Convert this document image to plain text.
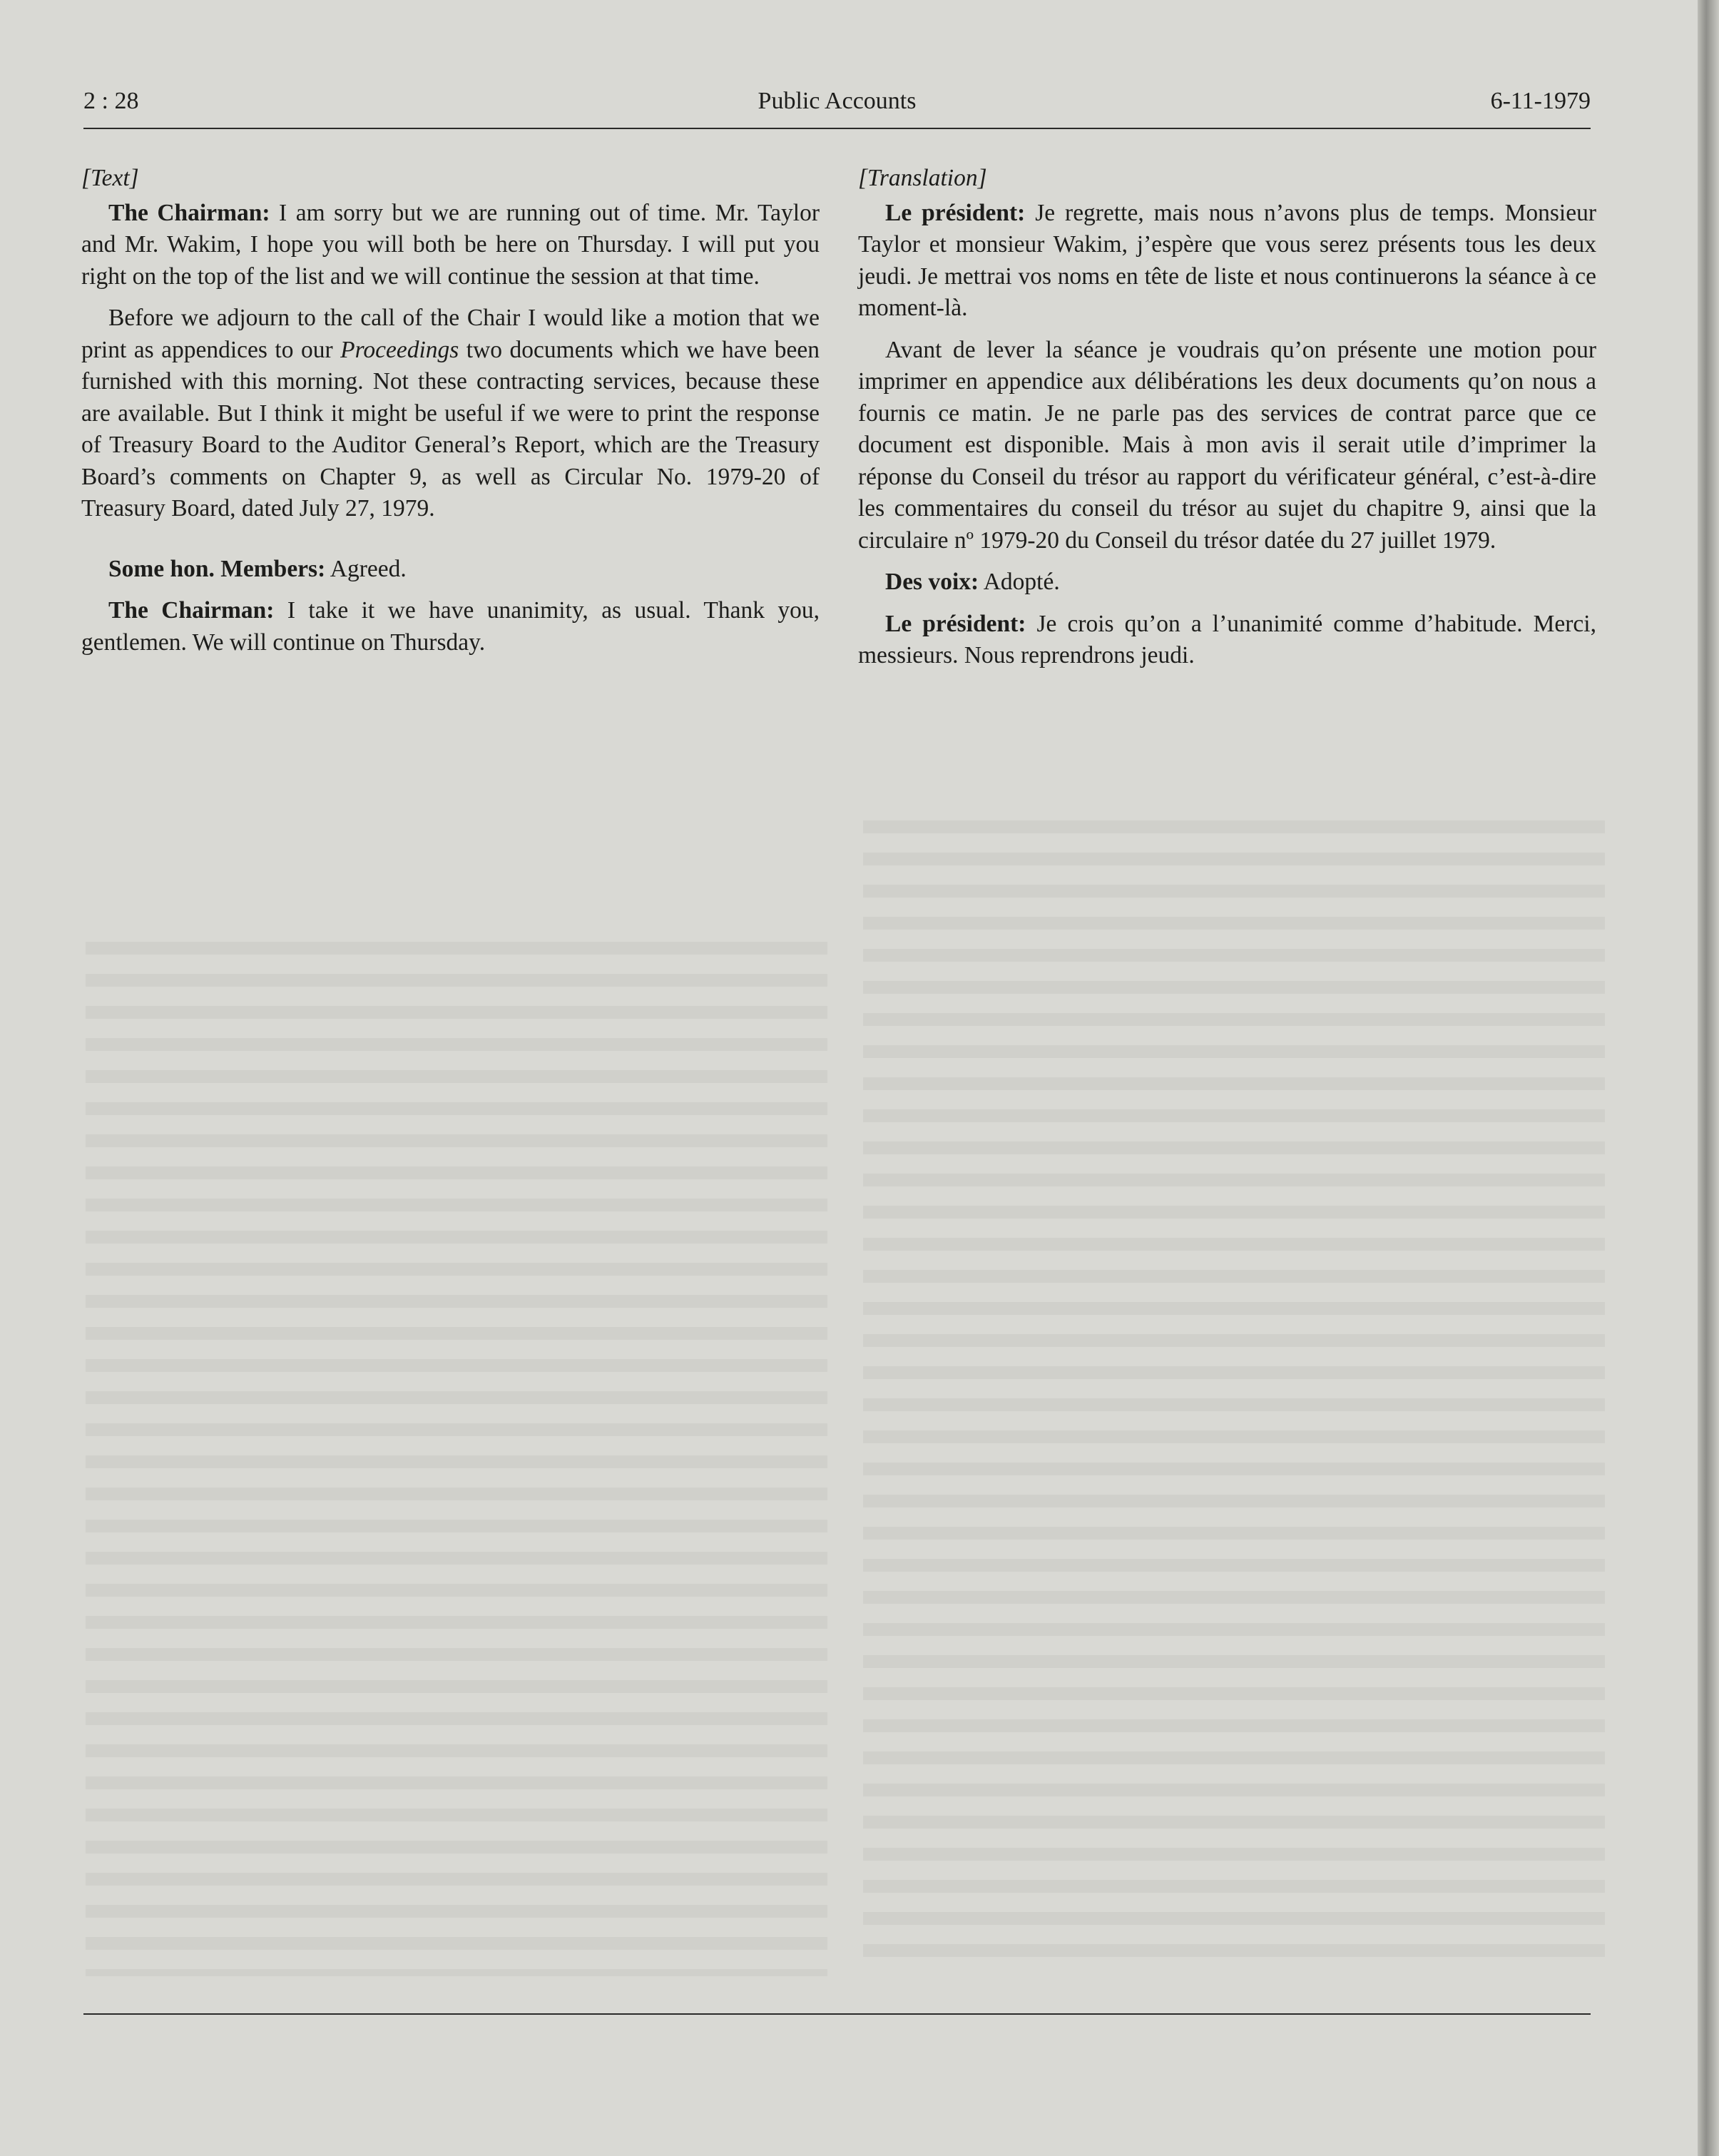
2 : 28	Public Accounts	6-11-1979

[Text]

The Chairman: I am sorry but we are running out of time. Mr. Taylor and Mr. Wakim, I hope you will both be here on Thursday. I will put you right on the top of the list and we will continue the session at that time.

Before we adjourn to the call of the Chair I would like a motion that we print as appendices to our Proceedings two documents which we have been furnished with this morning. Not these contracting services, because these are available. But I think it might be useful if we were to print the response of Treasury Board to the Auditor General’s Report, which are the Treasury Board’s comments on Chapter 9, as well as Circular No. 1979-20 of Treasury Board, dated July 27, 1979.

Some hon. Members: Agreed.

The Chairman: I take it we have unanimity, as usual. Thank you, gentlemen. We will continue on Thursday.

[Translation]

Le président: Je regrette, mais nous n’avons plus de temps. Monsieur Taylor et monsieur Wakim, j’espère que vous serez présents tous les deux jeudi. Je mettrai vos noms en tête de liste et nous continuerons la séance à ce moment-là.

Avant de lever la séance je voudrais qu’on présente une motion pour imprimer en appendice aux délibérations les deux documents qu’on nous a fournis ce matin. Je ne parle pas des services de contrat parce que ce document est disponible. Mais à mon avis il serait utile d’imprimer la réponse du Conseil du trésor au rapport du vérificateur général, c’est-à-dire les commentaires du conseil du trésor au sujet du chapitre 9, ainsi que la circulaire nº 1979-20 du Conseil du trésor datée du 27 juillet 1979.

Des voix: Adopté.

Le président: Je crois qu’on a l’unanimité comme d’habitude. Merci, messieurs. Nous reprendrons jeudi.
